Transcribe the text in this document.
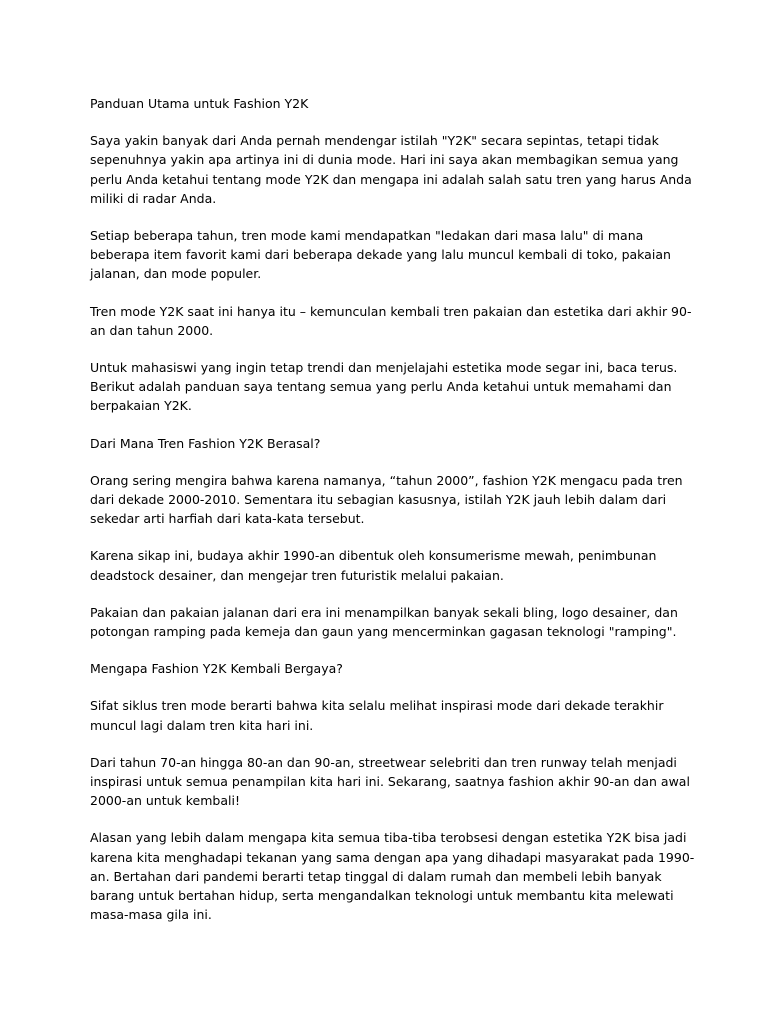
Panduan Utama untuk Fashion Y2K

Saya yakin banyak dari Anda pernah mendengar istilah "Y2K" secara sepintas, tetapi tidak
sepenuhnya yakin apa artinya ini di dunia mode. Hari ini saya akan membagikan semua yang
perlu Anda ketahui tentang mode Y2K dan mengapa ini adalah salah satu tren yang harus Anda
miliki di radar Anda.

Setiap beberapa tahun, tren mode kami mendapatkan "ledakan dari masa lalu" di mana
beberapa item favorit kami dari beberapa dekade yang lalu muncul kembali di toko, pakaian
jalanan, dan mode populer.

Tren mode Y2K saat ini hanya itu – kemunculan kembali tren pakaian dan estetika dari akhir 90-
an dan tahun 2000.

Untuk mahasiswi yang ingin tetap trendi dan menjelajahi estetika mode segar ini, baca terus.
Berikut adalah panduan saya tentang semua yang perlu Anda ketahui untuk memahami dan
berpakaian Y2K.

Dari Mana Tren Fashion Y2K Berasal?

Orang sering mengira bahwa karena namanya, “tahun 2000”, fashion Y2K mengacu pada tren
dari dekade 2000-2010. Sementara itu sebagian kasusnya, istilah Y2K jauh lebih dalam dari
sekedar arti harfiah dari kata-kata tersebut.

Karena sikap ini, budaya akhir 1990-an dibentuk oleh konsumerisme mewah, penimbunan
deadstock desainer, dan mengejar tren futuristik melalui pakaian.

Pakaian dan pakaian jalanan dari era ini menampilkan banyak sekali bling, logo desainer, dan
potongan ramping pada kemeja dan gaun yang mencerminkan gagasan teknologi "ramping".

Mengapa Fashion Y2K Kembali Bergaya?

Sifat siklus tren mode berarti bahwa kita selalu melihat inspirasi mode dari dekade terakhir
muncul lagi dalam tren kita hari ini.

Dari tahun 70-an hingga 80-an dan 90-an, streetwear selebriti dan tren runway telah menjadi
inspirasi untuk semua penampilan kita hari ini. Sekarang, saatnya fashion akhir 90-an dan awal
2000-an untuk kembali!

Alasan yang lebih dalam mengapa kita semua tiba-tiba terobsesi dengan estetika Y2K bisa jadi
karena kita menghadapi tekanan yang sama dengan apa yang dihadapi masyarakat pada 1990-
an. Bertahan dari pandemi berarti tetap tinggal di dalam rumah dan membeli lebih banyak
barang untuk bertahan hidup, serta mengandalkan teknologi untuk membantu kita melewati
masa-masa gila ini.
